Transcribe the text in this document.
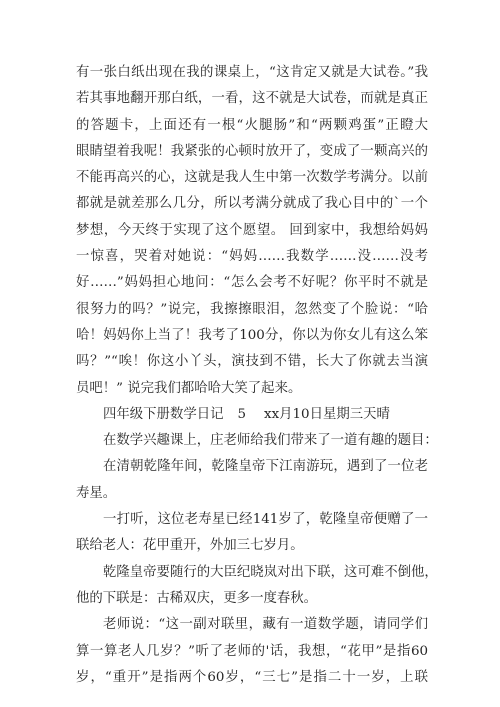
有一张白纸出现在我的课桌上，“这肯定又就是大试卷。”我
若其事地翻开那白纸，一看，这不就是大试卷，而就是真正
的答题卡，上面还有一根“火腿肠”和“两颗鸡蛋”正瞪大
眼睛望着我呢！我紧张的心顿时放开了，变成了一颗高兴的
不能再高兴的心，这就是我人生中第一次数学考满分。以前
都就是就差那么几分，所以考满分就成了我心目中的`一个
梦想，今天终于实现了这个愿望。 回到家中，我想给妈妈
一惊喜，哭着对她说：“妈妈……我数学……没……没考
好……”妈妈担心地问：“怎么会考不好呢？你平时不就是
很努力的吗？”说完，我擦擦眼泪，忽然变了个脸说：“哈
哈！妈妈你上当了！我考了100分，你以为你女儿有这么笨
吗？”“唉！你这小丫头，演技到不错，长大了你就去当演
员吧！” 说完我们都哈哈大笑了起来。
四年级下册数学日记 5 xx月10日星期三天晴
在数学兴趣课上，庄老师给我们带来了一道有趣的题目：
在清朝乾隆年间，乾隆皇帝下江南游玩，遇到了一位老
寿星。
一打听，这位老寿星已经141岁了，乾隆皇帝便赠了一
联给老人：花甲重开，外加三七岁月。
乾隆皇帝要随行的大臣纪晓岚对出下联，这可难不倒他，
他的下联是：古稀双庆，更多一度春秋。
老师说：“这一副对联里，藏有一道数学题，请同学们
算一算老人几岁？”听了老师的'话，我想，“花甲”是指60
岁，“重开”是指两个60岁，“三七”是指二十一岁，上联
